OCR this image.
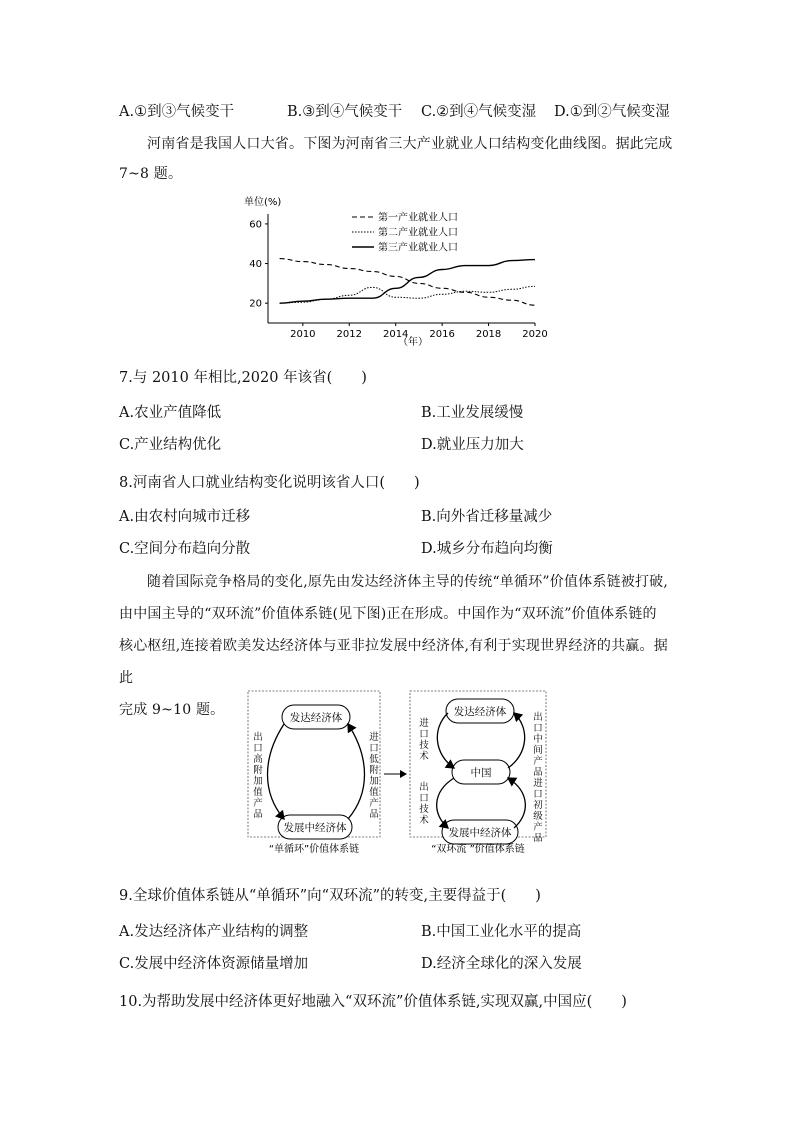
A.①到③气候变干	B.③到④气候变干 C.②到④气候变湿 D.①到②气候变湿

河南省是我国人口大省。下图为河南省三大产业就业人口结构变化曲线图。据此完成

7~8 题。

单位(%)
（年）
20
40
60
2010 2012 2014 2016 2018 2020
第一产业就业人口
第二产业就业人口
第三产业就业人口
7.与 2010 年相比,2020 年该省(　　)
A.农业产值降低	B.工业发展缓慢
C.产业结构优化	D.就业压力加大
8.河南省人口就业结构变化说明该省人口(　　)
A.由农村向城市迁移	B.向外省迁移量减少
C.空间分布趋向分散	D.城乡分布趋向均衡

随着国际竞争格局的变化,原先由发达经济体主导的传统“单循环”价值体系链被打破,

由中国主导的“双环流”价值体系链(见下图)正在形成。中国作为“双环流”价值体系链的

核心枢纽,连接着欧美发达经济体与亚非拉发展中经济体,有利于实现世界经济的共赢。据此

完成 9~10 题。	发达经济体
发展中经济体
出口高附加值产品
进口低附加值产品
“单循环”价值体系链
发达经济体
中国
发展中经济体
进口技术
出口技术
出口中间产品
进口初级产品
“双环流 ”价值体系链
9.全球价值体系链从“单循环”向“双环流”的转变,主要得益于(　　)
A.发达经济体产业结构的调整	B.中国工业化水平的提高
C.发展中经济体资源储量增加	D.经济全球化的深入发展
10.为帮助发展中经济体更好地融入“双环流”价值体系链,实现双赢,中国应(　　)
